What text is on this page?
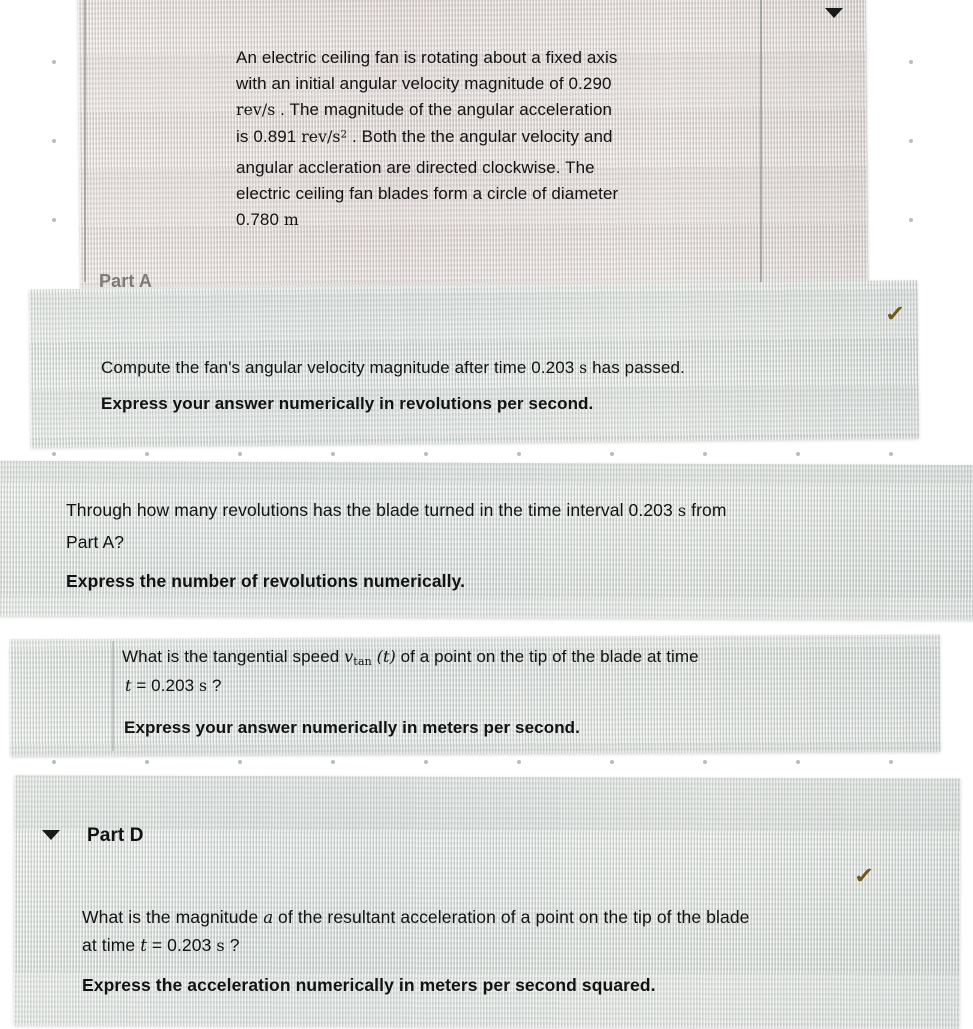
An electric ceiling fan is rotating about a fixed axis
with an initial angular velocity magnitude of 0.290
rev/s . The magnitude of the angular acceleration
is 0.891 rev/$s^2$ . Both the the angular velocity and
angular accleration are directed clockwise. The
electric ceiling fan blades form a circle of diameter
0.780 m
Part A
✓
Compute the fan's angular velocity magnitude after time 0.203 s has passed.
Express your answer numerically in revolutions per second.
Through how many revolutions has the blade turned in the time interval 0.203 s from
Part A?
Express the number of revolutions numerically.
What is the tangential speed $v_{tan}$ (t) of a point on the tip of the blade at time
t = 0.203 s ?
Express your answer numerically in meters per second.
Part D
✓
What is the magnitude a of the resultant acceleration of a point on the tip of the blade
at time t = 0.203 s ?
Express the acceleration numerically in meters per second squared.
